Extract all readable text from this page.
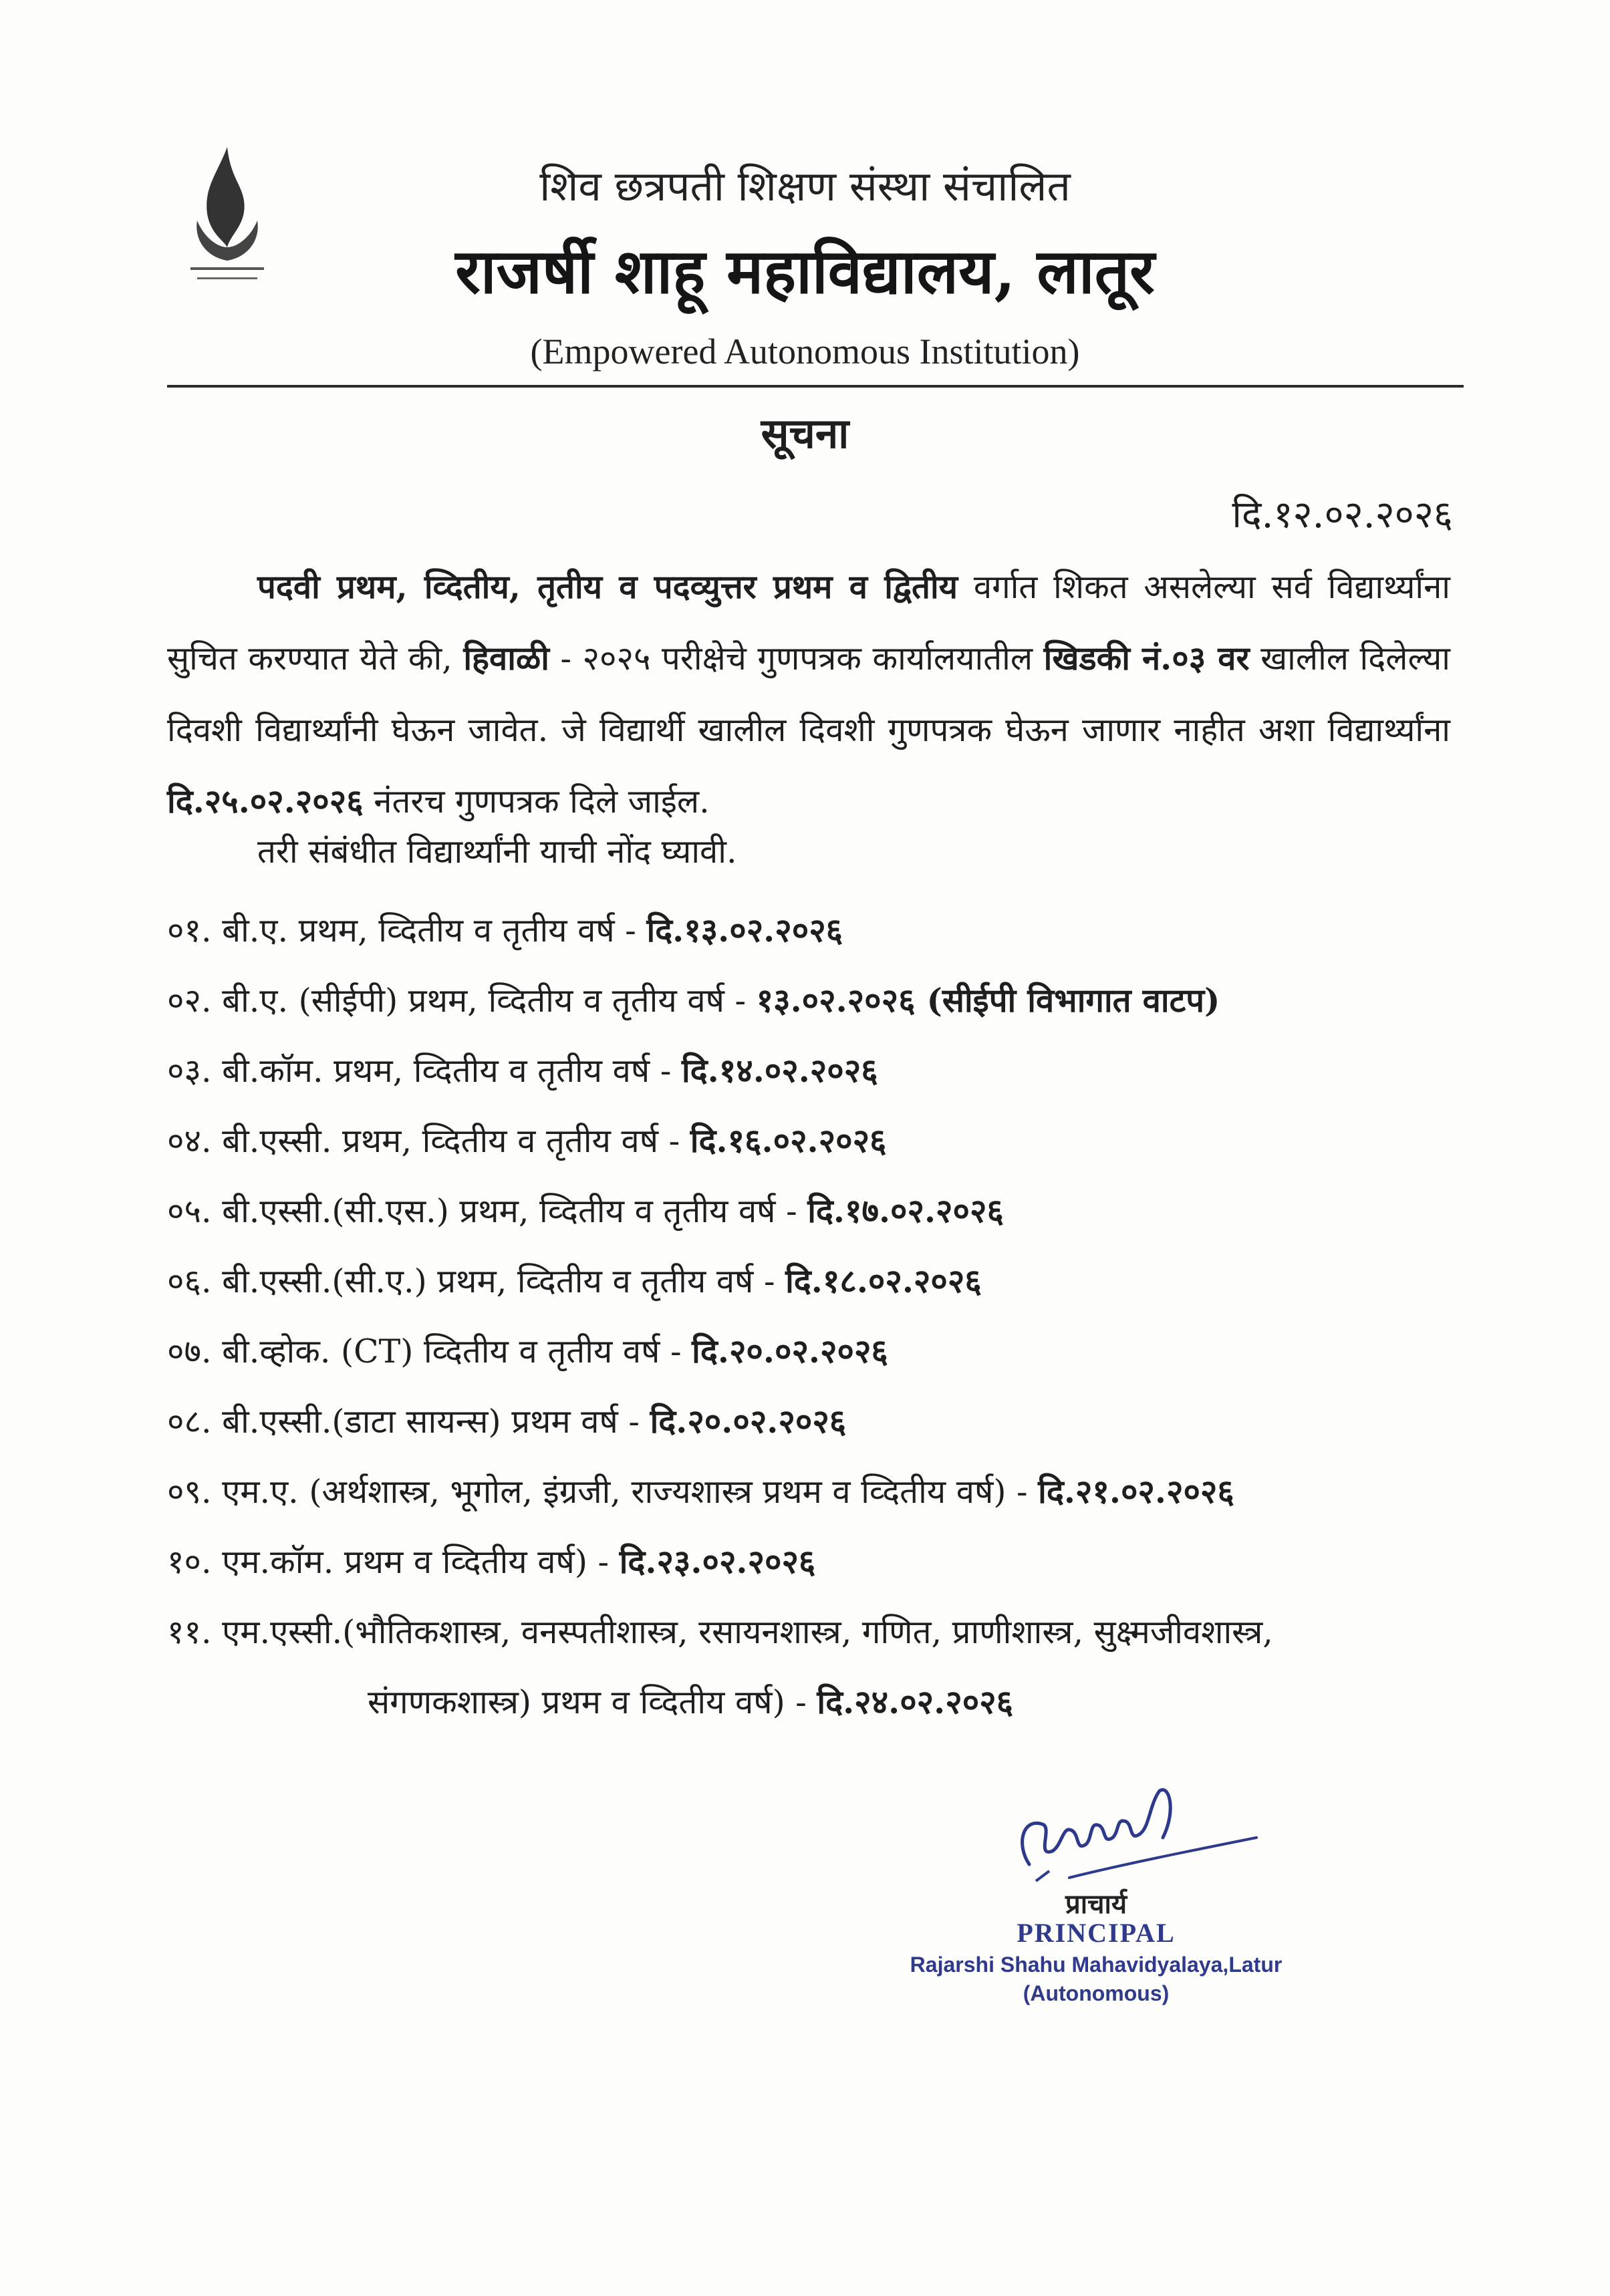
शिव छत्रपती शिक्षण संस्था संचालित
राजर्षी शाहू महाविद्यालय, लातूर
(Empowered Autonomous Institution)
सूचना
दि.१२.०२.२०२६
पदवी प्रथम, व्दितीय, तृतीय व पदव्युत्तर प्रथम व द्वितीय वर्गात शिकत असलेल्या सर्व विद्यार्थ्यांना सुचित करण्यात येते की, हिवाळी - २०२५ परीक्षेचे गुणपत्रक कार्यालयातील खिडकी नं.०३ वर खालील दिलेल्या दिवशी विद्यार्थ्यांनी घेऊन जावेत. जे विद्यार्थी खालील दिवशी गुणपत्रक घेऊन जाणार नाहीत अशा विद्यार्थ्यांना दि.२५.०२.२०२६ नंतरच गुणपत्रक दिले जाईल.
तरी संबंधीत विद्यार्थ्यांनी याची नोंद घ्यावी.
०१. बी.ए. प्रथम, व्दितीय व तृतीय वर्ष - दि.१३.०२.२०२६
०२. बी.ए. (सीईपी) प्रथम, व्दितीय व तृतीय वर्ष - १३.०२.२०२६ (सीईपी विभागात वाटप)
०३. बी.कॉम. प्रथम, व्दितीय व तृतीय वर्ष - दि.१४.०२.२०२६
०४. बी.एस्सी. प्रथम, व्दितीय व तृतीय वर्ष - दि.१६.०२.२०२६
०५. बी.एस्सी.(सी.एस.) प्रथम, व्दितीय व तृतीय वर्ष - दि.१७.०२.२०२६
०६. बी.एस्सी.(सी.ए.) प्रथम, व्दितीय व तृतीय वर्ष - दि.१८.०२.२०२६
०७. बी.व्होक. (CT) व्दितीय व तृतीय वर्ष - दि.२०.०२.२०२६
०८. बी.एस्सी.(डाटा सायन्स) प्रथम वर्ष - दि.२०.०२.२०२६
०९. एम.ए. (अर्थशास्त्र, भूगोल, इंग्रजी, राज्यशास्त्र प्रथम व व्दितीय वर्ष) - दि.२१.०२.२०२६
१०. एम.कॉम. प्रथम व व्दितीय वर्ष) - दि.२३.०२.२०२६
११. एम.एस्सी.(भौतिकशास्त्र, वनस्पतीशास्त्र, रसायनशास्त्र, गणित, प्राणीशास्त्र, सुक्ष्मजीवशास्त्र,
संगणकशास्त्र) प्रथम व व्दितीय वर्ष) - दि.२४.०२.२०२६
प्राचार्य
PRINCIPAL
Rajarshi Shahu Mahavidyalaya,Latur
(Autonomous)
